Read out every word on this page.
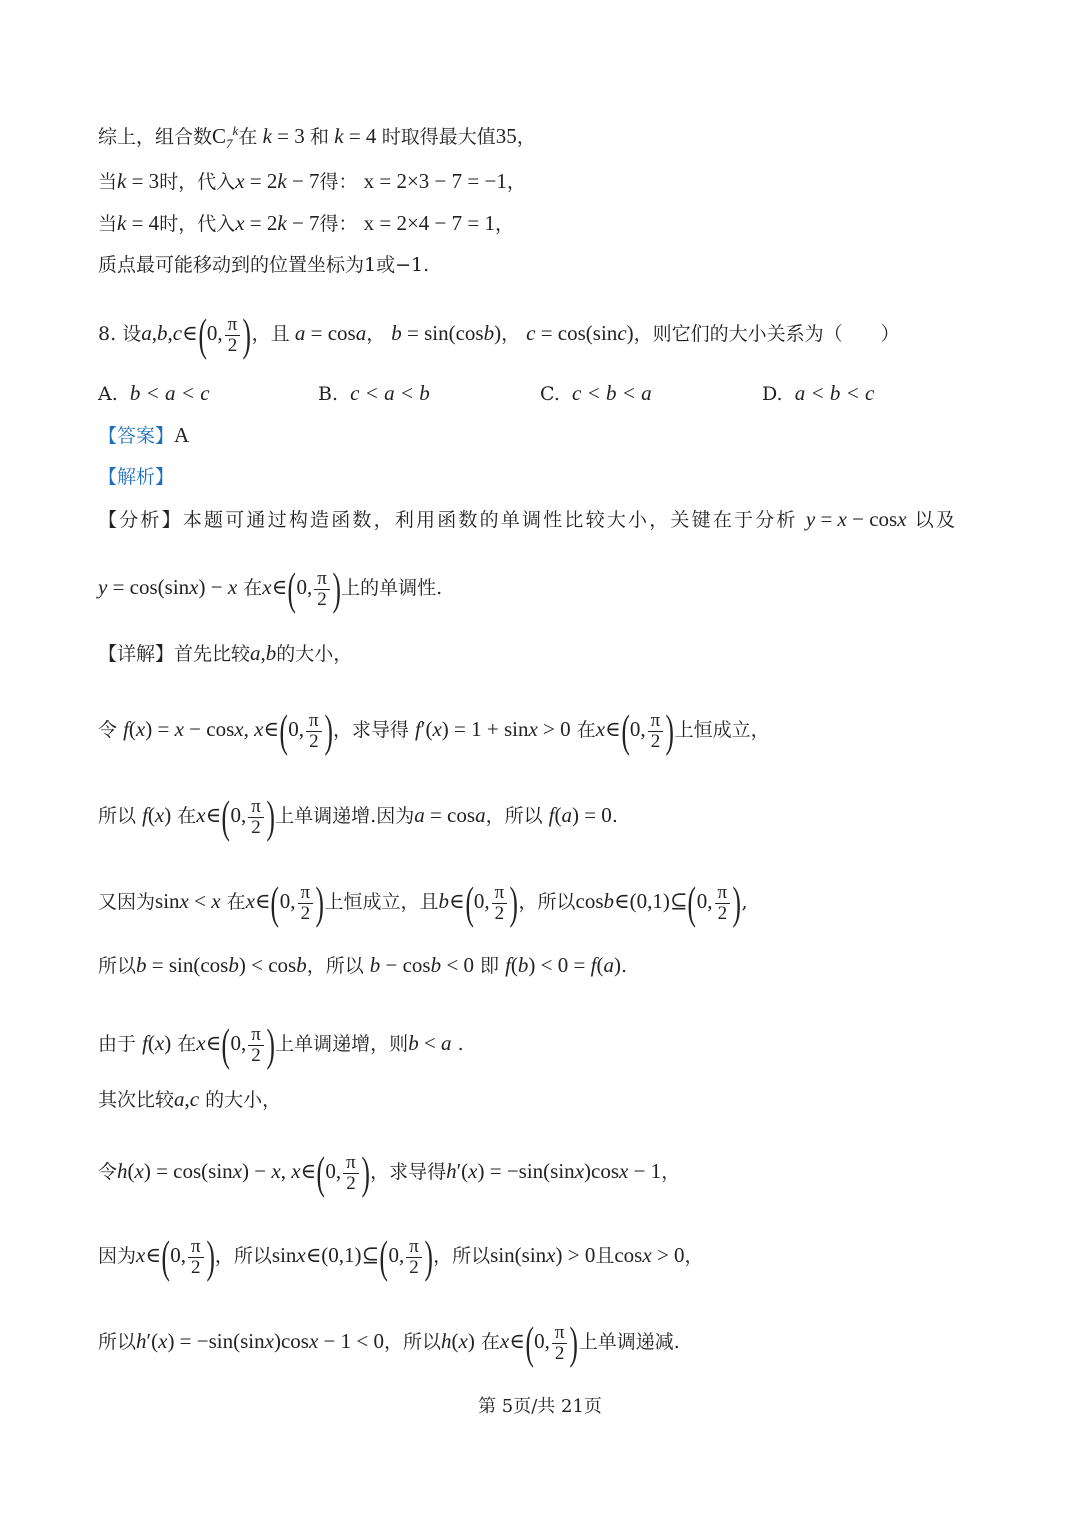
综上，组合数$C_7^k$在 k = 3 和 k = 4 时取得最大值35，
当k = 3时，代入x = 2k − 7得： x = 2×3 − 7 = −1，
当k = 4时，代入x = 2k − 7得： x = 2×4 − 7 = 1，
质点最可能移动到的位置坐标为1或−1.
8. 设a,b,c∈(0, $\frac{\pi}{2}$ )，且 a = cosa， b = sin(cosb)， c = cos(sinc)，则它们的大小关系为（　　）
A. b < a < c	B. c < a < b	C. c < b < a	D. a < b < c
【答案】A
【解析】
【分析】本题可通过构造函数，利用函数的单调性比较大小，关键在于分析 y = x − cosx 以及
y = cos(sinx) − x 在x∈(0, $\frac{\pi}{2}$ )上的单调性.
【详解】首先比较a,b的大小，
令 f(x) = x − cosx, x∈(0, $\frac{\pi}{2}$ )，求导得 f′(x) = 1 + sinx > 0 在x∈(0, $\frac{\pi}{2}$ )上恒成立，
所以 f(x) 在x∈(0, $\frac{\pi}{2}$ )上单调递增.因为a = cosa，所以 f(a) = 0.
又因为sinx < x 在x∈(0, $\frac{\pi}{2}$ )上恒成立，且b∈(0, $\frac{\pi}{2}$ )，所以cosb∈(0,1)⊆(0, $\frac{\pi}{2}$ ),
所以b = sin(cosb) < cosb，所以 b − cosb < 0 即 f(b) < 0 = f(a).
由于 f(x) 在x∈(0, $\frac{\pi}{2}$ )上单调递增，则b < a .
其次比较a,c 的大小，
令h(x) = cos(sinx) − x, x∈(0, $\frac{\pi}{2}$ )，求导得h′(x) = −sin(sinx)cosx − 1，
因为x∈(0, $\frac{\pi}{2}$ )，所以sinx∈(0,1)⊆(0, $\frac{\pi}{2}$ )，所以sin(sinx) > 0且cosx > 0，
所以h′(x) = −sin(sinx)cosx − 1 < 0，所以h(x) 在x∈(0, $\frac{\pi}{2}$ )上单调递减.
第 5页/共 21页
